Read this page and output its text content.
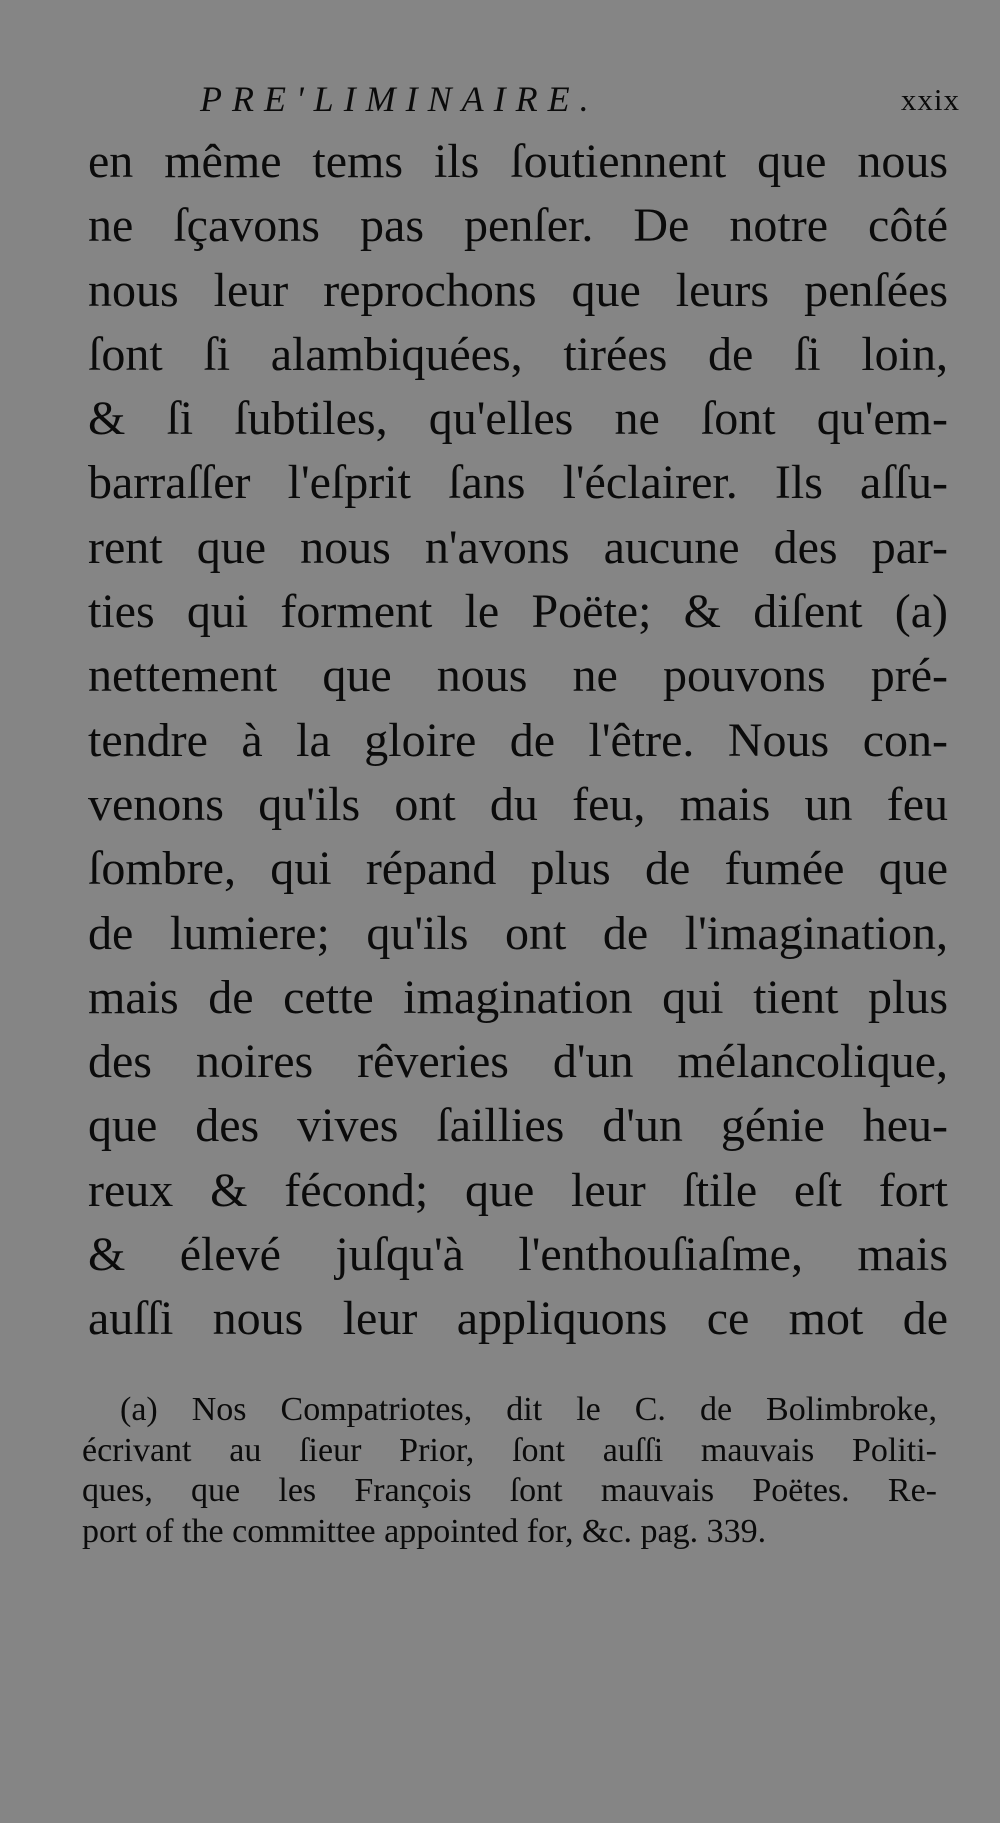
PRE'LIMINAIRE.	xxix
en même tems ils ſoutiennent que nous
ne ſçavons pas penſer. De notre côté
nous leur reprochons que leurs penſées
ſont ſi alambiquées, tirées de ſi loin,
& ſi ſubtiles, qu'elles ne ſont qu'em-
barraſſer l'eſprit ſans l'éclairer. Ils aſſu-
rent que nous n'avons aucune des par-
ties qui forment le Poëte; & diſent (a)
nettement que nous ne pouvons pré-
tendre à la gloire de l'être. Nous con-
venons qu'ils ont du feu, mais un feu
ſombre, qui répand plus de fumée que
de lumiere; qu'ils ont de l'imagination,
mais de cette imagination qui tient plus
des noires rêveries d'un mélancolique,
que des vives ſaillies d'un génie heu-
reux & fécond; que leur ſtile eſt fort
& élevé juſqu'à l'enthouſiaſme, mais
auſſi nous leur appliquons ce mot de
(a) Nos Compatriotes, dit le C. de Bolimbroke,
écrivant au ſieur Prior, ſont auſſi mauvais Politi-
ques, que les François ſont mauvais Poëtes. Re-
port of the committee appointed for, &c. pag. 339.
